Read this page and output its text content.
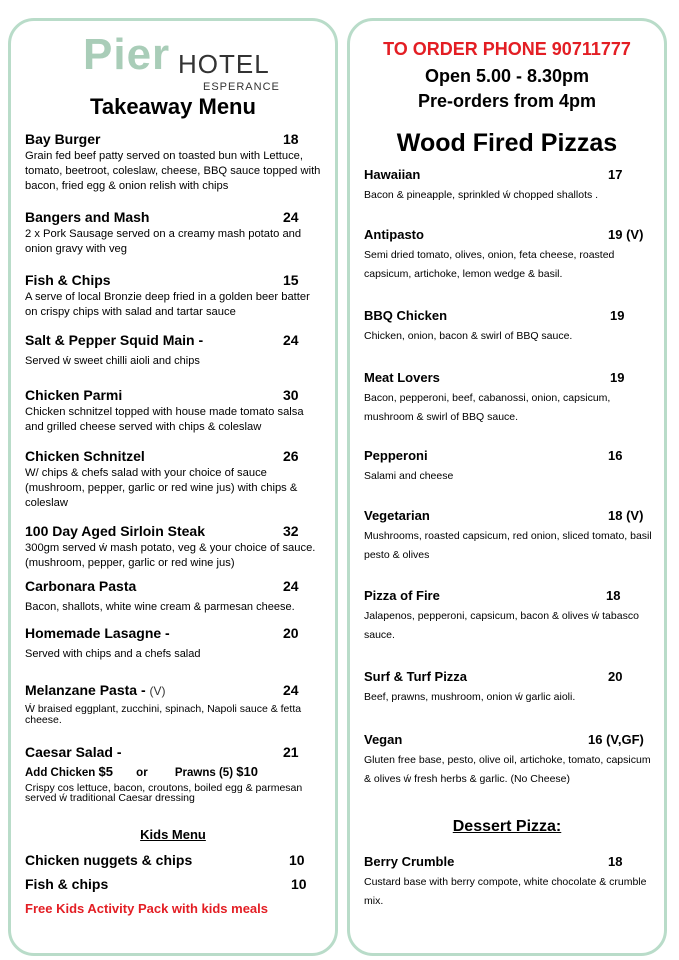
Pier HOTEL
ESPERANCE
Takeaway Menu
Bay Burger	18
Grain fed beef patty served on toasted bun with Lettuce, tomato, beetroot, coleslaw, cheese, BBQ sauce topped with bacon, fried egg & onion relish with chips
Bangers and Mash	24
2 x Pork Sausage served on a creamy mash potato and onion gravy with veg
Fish & Chips	15
A serve of local Bronzie deep fried in a golden beer batter on crispy chips with salad and tartar sauce
Salt & Pepper Squid Main -	24
Served ẃ sweet chilli aioli and chips
Chicken Parmi	30
Chicken schnitzel topped with house made tomato salsa and grilled cheese served with chips & coleslaw
Chicken Schnitzel	26
W/ chips & chefs salad with your choice of sauce (mushroom, pepper, garlic or red wine jus) with chips & coleslaw
100 Day Aged Sirloin Steak	32
300gm served ẃ mash potato, veg & your choice of sauce. (mushroom, pepper, garlic or red wine jus)
Carbonara Pasta	24
Bacon, shallots, white wine cream & parmesan cheese.
Homemade Lasagne -	20
Served with chips and a chefs salad
Melanzane Pasta - (V)	24
Ẃ braised eggplant, zucchini, spinach, Napoli sauce & fetta cheese.
Caesar Salad -	21
Add Chicken $5 or Prawns (5) $10
Crispy cos lettuce, bacon, croutons, boiled egg & parmesan served ẃ traditional Caesar dressing
Kids Menu
Chicken nuggets & chips	10
Fish & chips	10
Free Kids Activity Pack with kids meals
TO ORDER PHONE 90711777
Open 5.00 - 8.30pm
Pre-orders from 4pm
Wood Fired Pizzas
Hawaiian	17
Bacon & pineapple, sprinkled ẃ chopped shallots .
Antipasto	19 (V)
Semi dried tomato, olives, onion, feta cheese, roasted capsicum, artichoke, lemon wedge & basil.
BBQ Chicken	19
Chicken, onion, bacon & swirl of BBQ sauce.
Meat Lovers	19
Bacon, pepperoni, beef, cabanossi, onion, capsicum, mushroom & swirl of BBQ sauce.
Pepperoni	16
Salami and cheese
Vegetarian	18 (V)
Mushrooms, roasted capsicum, red onion, sliced tomato, basil pesto & olives
Pizza of Fire	18
Jalapenos, pepperoni, capsicum, bacon & olives ẃ tabasco sauce.
Surf & Turf Pizza	20
Beef, prawns, mushroom, onion ẃ garlic aioli.
Vegan	16 (V,GF)
Gluten free base, pesto, olive oil, artichoke, tomato, capsicum & olives ẃ fresh herbs & garlic. (No Cheese)
Dessert Pizza:
Berry Crumble	18
Custard base with berry compote, white chocolate & crumble mix.
